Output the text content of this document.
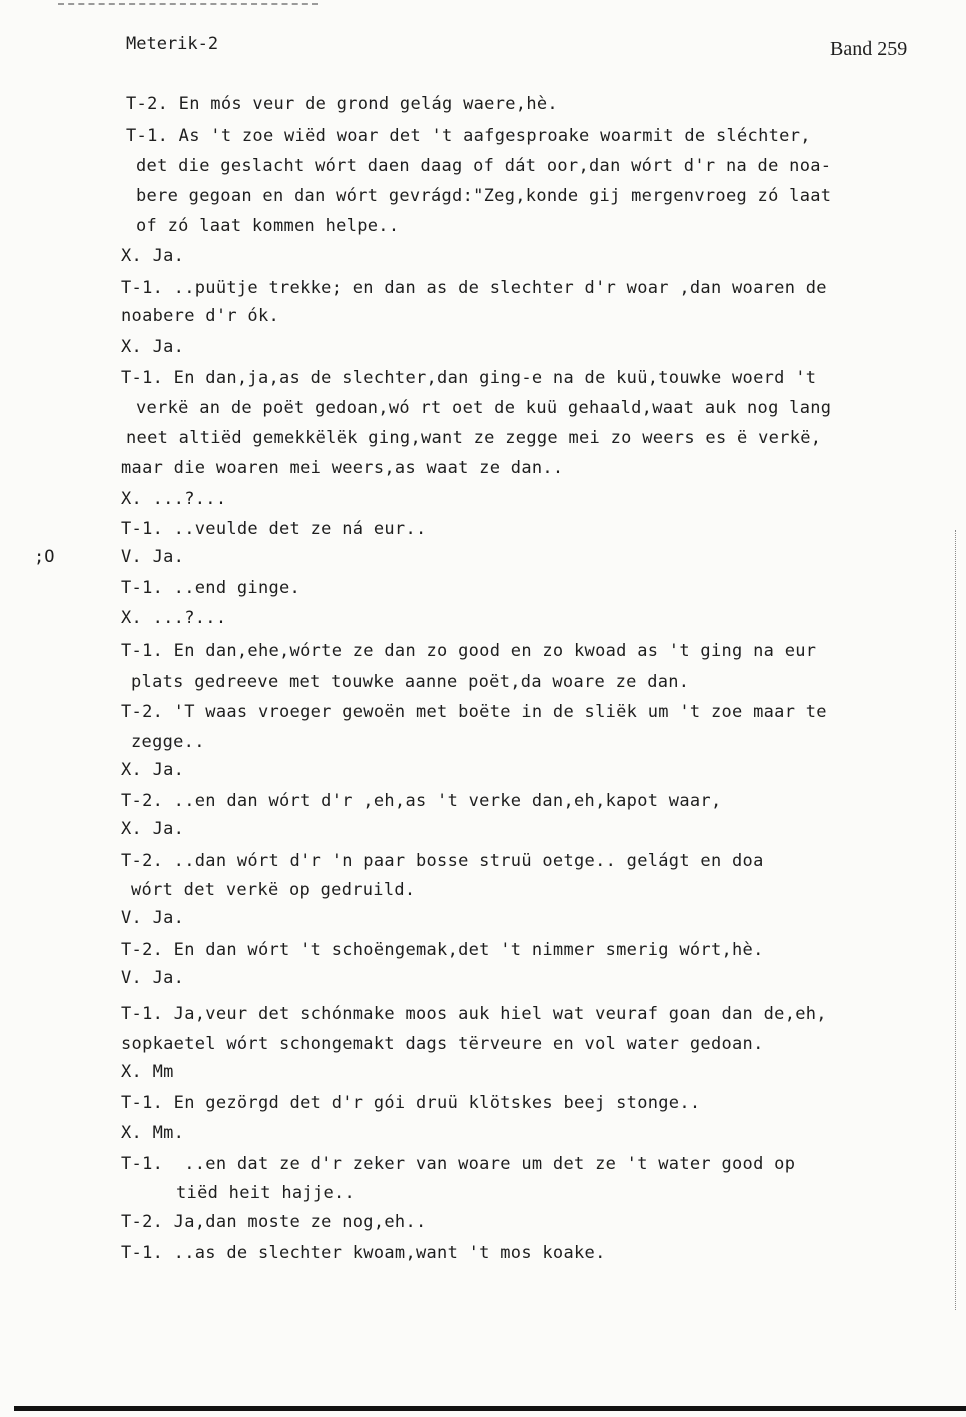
Meterik-2	Band 259
;O
T-2. En mós veur de grond gelág waere,hè.
T-1. As 't zoe wiëd woar det 't aafgesproake woarmit de sléchter,
det die geslacht wórt daen daag of dát oor,dan wórt d'r na de noa-
bere gegoan en dan wórt gevrágd:"Zeg,konde gij mergenvroeg zó laat
of zó laat kommen helpe..
X. Ja.
T-1. ..puütje trekke; en dan as de slechter d'r woar ,dan woaren de
noabere d'r ók.
X. Ja.
T-1. En dan,ja,as de slechter,dan ging-e na de kuü,touwke woerd 't
verkë an de poët gedoan,wó rt oet de kuü gehaald,waat auk nog lang
neet altiëd gemekkëlëk ging,want ze zegge mei zo weers es ë verkë,
maar die woaren mei weers,as waat ze dan..
X. ...?...
T-1. ..veulde det ze ná eur..
V. Ja.
T-1. ..end ginge.
X. ...?...
T-1. En dan,ehe,wórte ze dan zo good en zo kwoad as 't ging na eur
plats gedreeve met touwke aanne poët,da woare ze dan.
T-2. 'T waas vroeger gewoën met boëte in de sliëk um 't zoe maar te
zegge..
X. Ja.
T-2. ..en dan wórt d'r ,eh,as 't verke dan,eh,kapot waar,
X. Ja.
T-2. ..dan wórt d'r 'n paar bosse struü oetge.. gelágt en doa
wórt det verkë op gedruild.
V. Ja.
T-2. En dan wórt 't schoëngemak,det 't nimmer smerig wórt,hè.
V. Ja.
T-1. Ja,veur det schónmake moos auk hiel wat veuraf goan dan de,eh,
sopkaetel wórt schongemakt dags tërveure en vol water gedoan.
X. Mm
T-1. En gezörgd det d'r gói druü klötskes beej stonge..
X. Mm.
T-1.  ..en dat ze d'r zeker van woare um det ze 't water good op
tiëd heit hajje..
T-2. Ja,dan moste ze nog,eh..
T-1. ..as de slechter kwoam,want 't mos koake.
